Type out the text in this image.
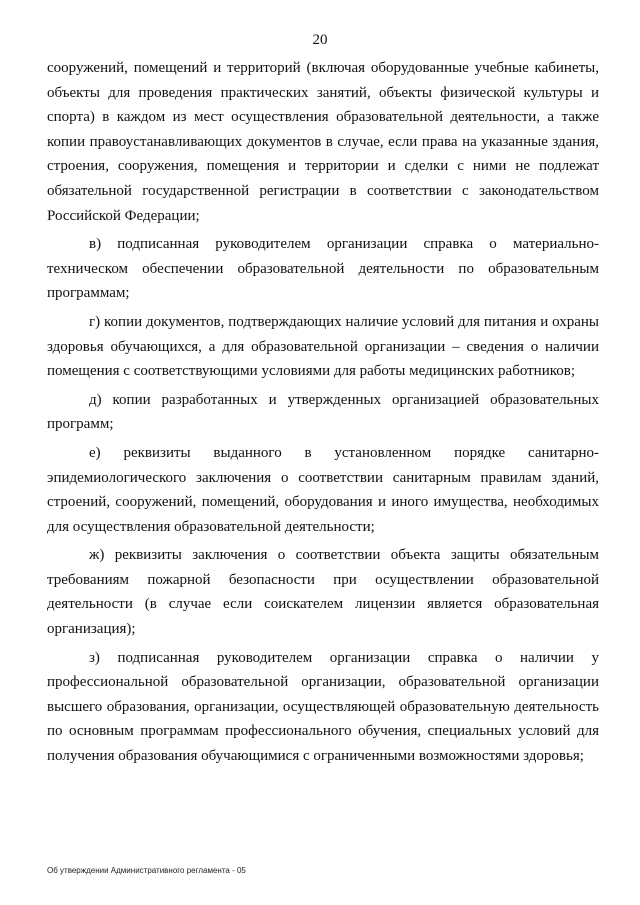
20

сооружений, помещений и территорий (включая оборудованные учебные кабинеты, объекты для проведения практических занятий, объекты физической культуры и спорта) в каждом из мест осуществления образовательной деятельности, а также копии правоустанавливающих документов в случае, если права на указанные здания, строения, сооружения, помещения и территории и сделки с ними не подлежат обязательной государственной регистрации в соответствии с законодательством Российской Федерации;

в) подписанная руководителем организации справка о материально-техническом обеспечении образовательной деятельности по образовательным программам;

г) копии документов, подтверждающих наличие условий для питания и охраны здоровья обучающихся, а для образовательной организации – сведения о наличии помещения с соответствующими условиями для работы медицинских работников;

д) копии разработанных и утвержденных организацией образовательных программ;

е) реквизиты выданного в установленном порядке санитарно-эпидемиологического заключения о соответствии санитарным правилам зданий, строений, сооружений, помещений, оборудования и иного имущества, необходимых для осуществления образовательной деятельности;

ж) реквизиты заключения о соответствии объекта защиты обязательным требованиям пожарной безопасности при осуществлении образовательной деятельности (в случае если соискателем лицензии является образовательная организация);

з) подписанная руководителем организации справка о наличии у профессиональной образовательной организации, образовательной организации высшего образования, организации, осуществляющей образовательную деятельность по основным программам профессионального обучения, специальных условий для получения образования обучающимися с ограниченными возможностями здоровья;

Об утверждении Административного регламента - 05
